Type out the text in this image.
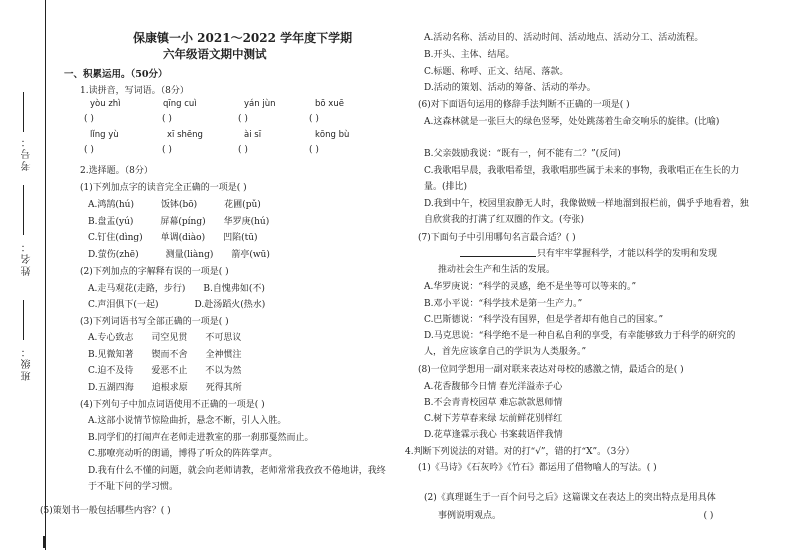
班级：
姓名：
考号：
保康镇一小 2021～2022 学年度下学期
六年级语文期中测试
一、积累运用。（50分）
1.读拼音，写词语。（8分）
yòu zhì	qīng cuì	yán jùn	bō xuē
( )	( )	( )	( )
lǐng yù	xī shēng	ài sī	kōng bù
( )	( )	( )	( )
2.选择题。（8分）
(1)下列加点字的读音完全正确的一项是( )
A.鸿鹄(hú)　　　饭钵(bō)　　　花圃(pǔ)
B.盘盂(yú)　　　屏幕(píng)　　华罗庚(hú)
C.钉住(dìng)　　单调(diào)　　凹陷(tū)
D.萤伤(zhē)　　　测量(liàng)　　箭亭(wū)
(2)下列加点的字解释有误的一项是( )
A.走马观花(走路，步行)　　B.自愧弗如(不)
C.声泪俱下(一起)　　　　D.赴汤蹈火(热水)
(3)下列词语书写全部正确的一项是( )
A.专心致志　　司空见贯　　不可思议
B.见微知著　　锲而不舍　　全神惯注
C.迫不及待　　爱恶不止　　不以为然
D.五湖四海　　追根求原　　死得其所
(4)下列句子中加点词语使用不正确的一项是( )
A.这部小说情节惊险曲折，悬念不断，引人入胜。
B.同学们的打闹声在老师走进教室的那一刹那戛然而止。
C.那嘹亮动听的朗诵，博得了听众的阵阵掌声。
D.我有什么不懂的问题，就会向老师请教，老师常常我孜孜不倦地讲，我终于不耻下问的学习惯。
(5)策划书一般包括哪些内容？( )
A.活动名称、活动目的、活动时间、活动地点、活动分工、活动流程。
B.开头、主体、结尾。
C.标题、称呼、正文、结尾、落款。
D.活动的策划、活动的筹备、活动的举办。
(6)对下面语句运用的修辞手法判断不正确的一项是( )
A.这森林就是一张巨大的绿色竖琴，处处跳荡着生命交响乐的旋律。(比喻)
B.父亲鼓励我说：“既有一，何不能有二？”(反问)
C.我歌唱早晨，我歌唱希望，我歌唱那些属于未来的事物，我歌唱正在生长的力量。(排比)
D.我到中午，校园里寂静无人时，我像做贼一样地溜到报栏前，偶乎乎地看着，独自欣赏我的打满了红双圈的作文。(夸张)
(7)下面句子中引用哪句名言最合适？( )
只有牢牢掌握科学，才能以科学的发明和发现
推动社会生产和生活的发展。
A.华罗庚说：“科学的灵感，绝不是坐等可以等来的。”
B.邓小平说：“科学技术是第一生产力。”
C.巴斯德说：“科学没有国界，但是学者却有他自己的国家。”
D.马克思说：“科学绝不是一种自私自利的享受，有幸能够致力于科学的研究的人，首先应该拿自己的学识为人类服务。”
(8)一位同学想用一副对联来表达对母校的感激之情，最适合的是( )
A.花香馥郁今日情 春光洋溢赤子心
B.不会青青校园草 难忘款款恩师情
C.树下芳草春来绿 坛前鲜花别样红
D.花草逢霖示我心 书案载语伴我情
4.判断下列说法的对错。对的打“√”，错的打“X”。（3分）
(1)《马诗》《石灰吟》《竹石》都运用了借物喻人的写法。( )
(2)《真理诞生于一百个问号之后》这篇课文在表达上的突出特点是用具体
事例说明观点。　　　　　　　　　　　　　　　　　　　　　　　( )
